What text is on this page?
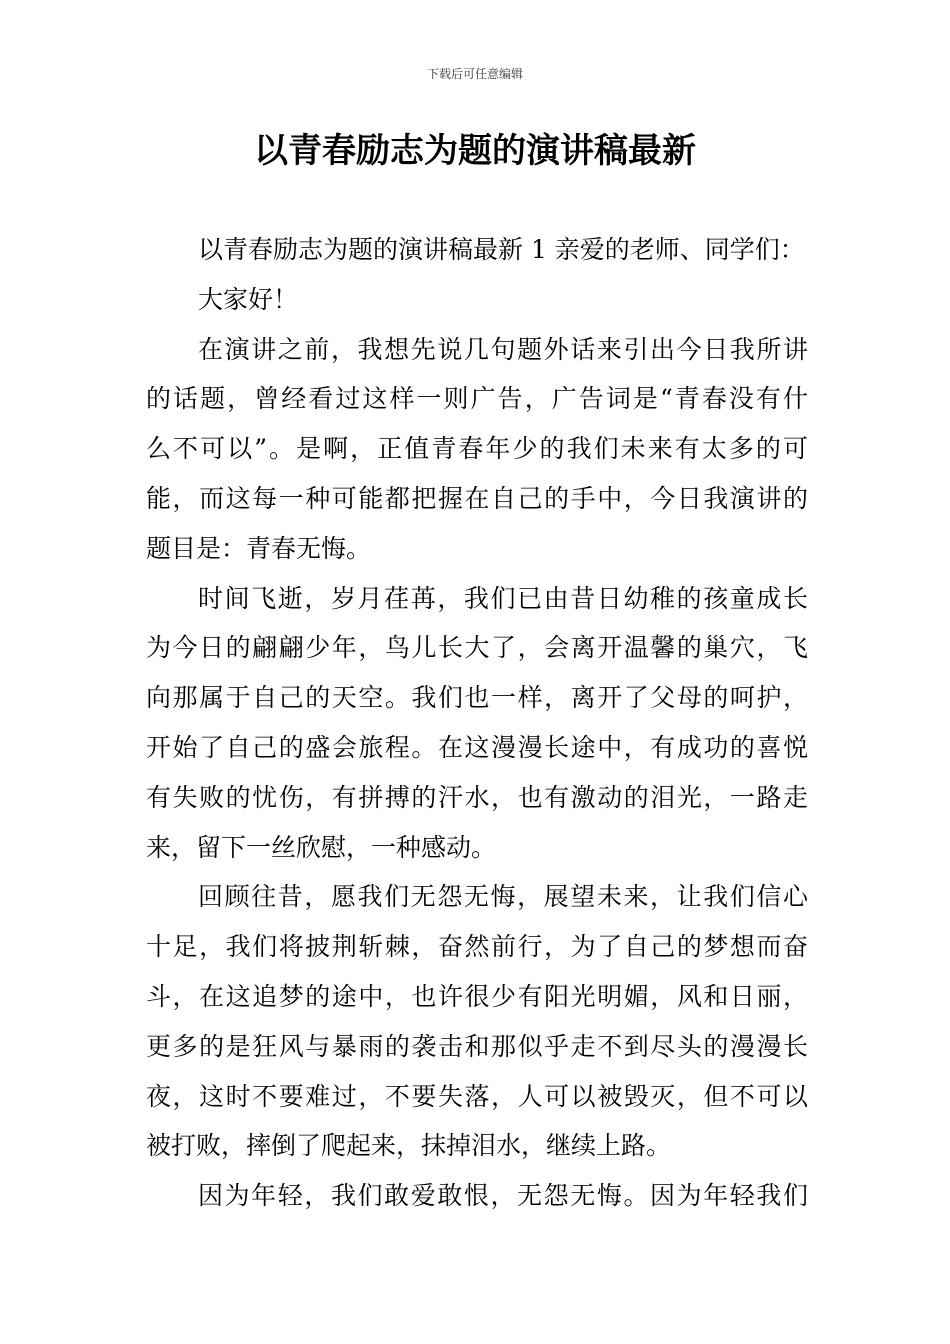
下载后可任意编辑
以青春励志为题的演讲稿最新
以青春励志为题的演讲稿最新 1 亲爱的老师、同学们：
大家好！
在演讲之前，我想先说几句题外话来引出今日我所讲
的话题，曾经看过这样一则广告，广告词是“青春没有什
么不可以”。是啊，正值青春年少的我们未来有太多的可
能，而这每一种可能都把握在自己的手中，今日我演讲的
题目是：青春无悔。
时间飞逝，岁月荏苒，我们已由昔日幼稚的孩童成长
为今日的翩翩少年，鸟儿长大了，会离开温馨的巢穴，飞
向那属于自己的天空。我们也一样，离开了父母的呵护，
开始了自己的盛会旅程。在这漫漫长途中，有成功的喜悦
有失败的忧伤，有拼搏的汗水，也有激动的泪光，一路走
来，留下一丝欣慰，一种感动。
回顾往昔，愿我们无怨无悔，展望未来，让我们信心
十足，我们将披荆斩棘，奋然前行，为了自己的梦想而奋
斗，在这追梦的途中，也许很少有阳光明媚，风和日丽，
更多的是狂风与暴雨的袭击和那似乎走不到尽头的漫漫长
夜，这时不要难过，不要失落，人可以被毁灭，但不可以
被打败，摔倒了爬起来，抹掉泪水，继续上路。
因为年轻，我们敢爱敢恨，无怨无悔。因为年轻我们
